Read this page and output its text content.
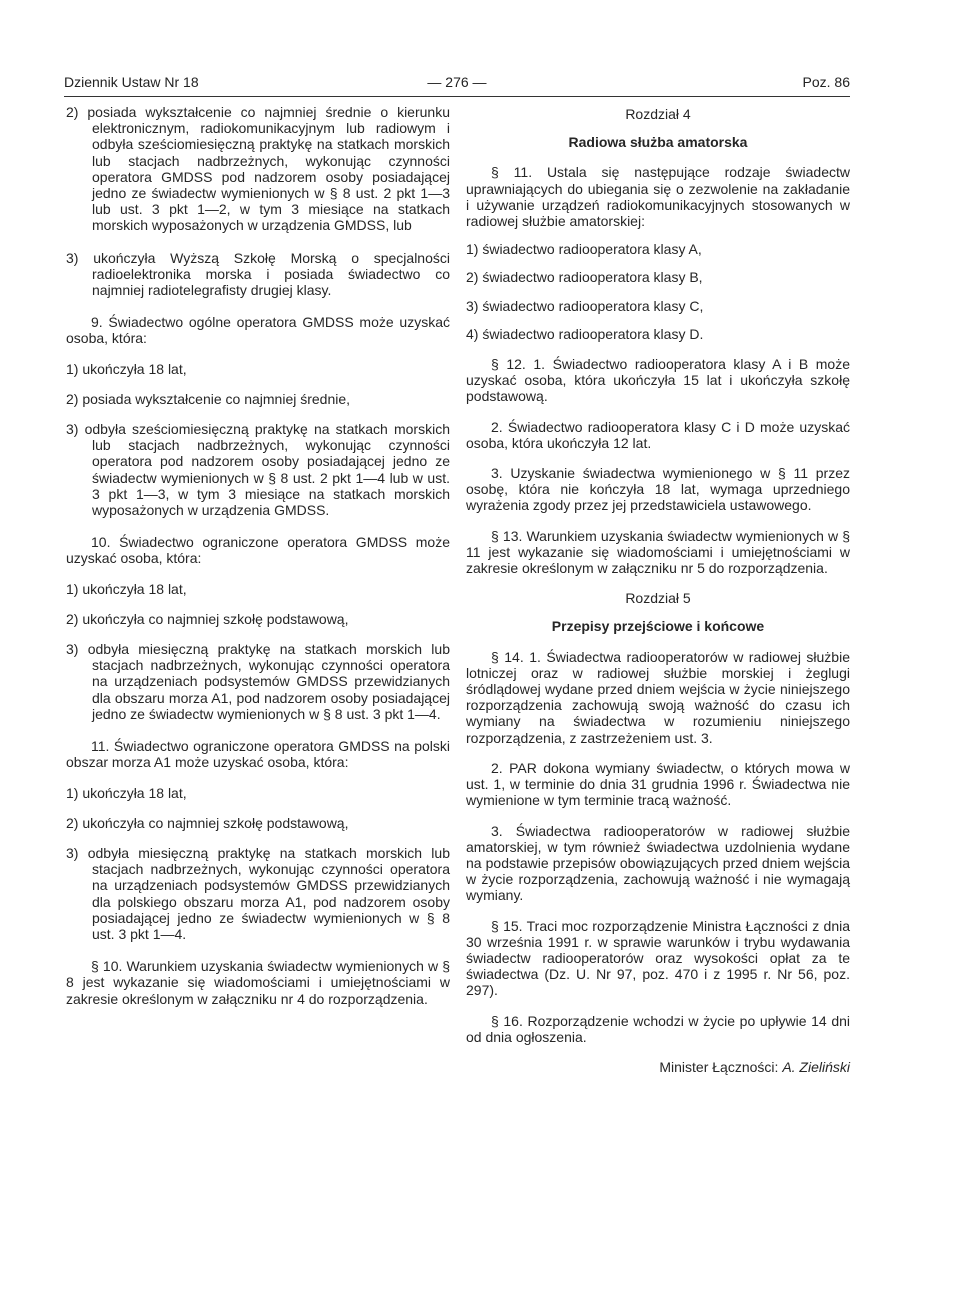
Dziennik Ustaw Nr 18	— 276 —	Poz. 86

2) posiada wykształcenie co najmniej średnie o kierunku elektronicznym, radiokomunikacyjnym lub radiowym i odbyła sześciomiesięczną praktykę na statkach morskich lub stacjach nadbrzeżnych, wykonując czynności operatora GMDSS pod nadzorem osoby posiadającej jedno ze świadectw wymienionych w § 8 ust. 2 pkt 1—3 lub ust. 3 pkt 1—2, w tym 3 miesiące na statkach morskich wyposażonych w urządzenia GMDSS, lub

3) ukończyła Wyższą Szkołę Morską o specjalności radioelektronika morska i posiada świadectwo co najmniej radiotelegrafisty drugiej klasy.

9. Świadectwo ogólne operatora GMDSS może uzyskać osoba, która:

1) ukończyła 18 lat,

2) posiada wykształcenie co najmniej średnie,

3) odbyła sześciomiesięczną praktykę na statkach morskich lub stacjach nadbrzeżnych, wykonując czynności operatora pod nadzorem osoby posiadającej jedno ze świadectw wymienionych w § 8 ust. 2 pkt 1—4 lub w ust. 3 pkt 1—3, w tym 3 miesiące na statkach morskich wyposażonych w urządzenia GMDSS.

10. Świadectwo ograniczone operatora GMDSS może uzyskać osoba, która:

1) ukończyła 18 lat,

2) ukończyła co najmniej szkołę podstawową,

3) odbyła miesięczną praktykę na statkach morskich lub stacjach nadbrzeżnych, wykonując czynności operatora na urządzeniach podsystemów GMDSS przewidzianych dla obszaru morza A1, pod nadzorem osoby posiadającej jedno ze świadectw wymienionych w § 8 ust. 3 pkt 1—4.

11. Świadectwo ograniczone operatora GMDSS na polski obszar morza A1 może uzyskać osoba, która:

1) ukończyła 18 lat,

2) ukończyła co najmniej szkołę podstawową,

3) odbyła miesięczną praktykę na statkach morskich lub stacjach nadbrzeżnych, wykonując czynności operatora na urządzeniach podsystemów GMDSS przewidzianych dla polskiego obszaru morza A1, pod nadzorem osoby posiadającej jedno ze świadectw wymienionych w § 8 ust. 3 pkt 1—4.

§ 10. Warunkiem uzyskania świadectw wymienionych w § 8 jest wykazanie się wiadomościami i umiejętnościami w zakresie określonym w załączniku nr 4 do rozporządzenia.

Rozdział 4

Radiowa służba amatorska

§ 11. Ustala się następujące rodzaje świadectw uprawniających do ubiegania się o zezwolenie na zakładanie i używanie urządzeń radiokomunikacyjnych stosowanych w radiowej służbie amatorskiej:

1) świadectwo radiooperatora klasy A,

2) świadectwo radiooperatora klasy B,

3) świadectwo radiooperatora klasy C,

4) świadectwo radiooperatora klasy D.

§ 12. 1. Świadectwo radiooperatora klasy A i B może uzyskać osoba, która ukończyła 15 lat i ukończyła szkołę podstawową.

2. Świadectwo radiooperatora klasy C i D może uzyskać osoba, która ukończyła 12 lat.

3. Uzyskanie świadectwa wymienionego w § 11 przez osobę, która nie kończyła 18 lat, wymaga uprzedniego wyrażenia zgody przez jej przedstawiciela ustawowego.

§ 13. Warunkiem uzyskania świadectw wymienionych w § 11 jest wykazanie się wiadomościami i umiejętnościami w zakresie określonym w załączniku nr 5 do rozporządzenia.

Rozdział 5

Przepisy przejściowe i końcowe

§ 14. 1. Świadectwa radiooperatorów w radiowej służbie lotniczej oraz w radiowej służbie morskiej i żeglugi śródlądowej wydane przed dniem wejścia w życie niniejszego rozporządzenia zachowują swoją ważność do czasu ich wymiany na świadectwa w rozumieniu niniejszego rozporządzenia, z zastrzeżeniem ust. 3.

2. PAR dokona wymiany świadectw, o których mowa w ust. 1, w terminie do dnia 31 grudnia 1996 r. Świadectwa nie wymienione w tym terminie tracą ważność.

3. Świadectwa radiooperatorów w radiowej służbie amatorskiej, w tym również świadectwa uzdolnienia wydane na podstawie przepisów obowiązujących przed dniem wejścia w życie rozporządzenia, zachowują ważność i nie wymagają wymiany.

§ 15. Traci moc rozporządzenie Ministra Łączności z dnia 30 września 1991 r. w sprawie warunków i trybu wydawania świadectw radiooperatorów oraz wysokości opłat za te świadectwa (Dz. U. Nr 97, poz. 470 i z 1995 r. Nr 56, poz. 297).

§ 16. Rozporządzenie wchodzi w życie po upływie 14 dni od dnia ogłoszenia.

Minister Łączności: A. Zieliński
